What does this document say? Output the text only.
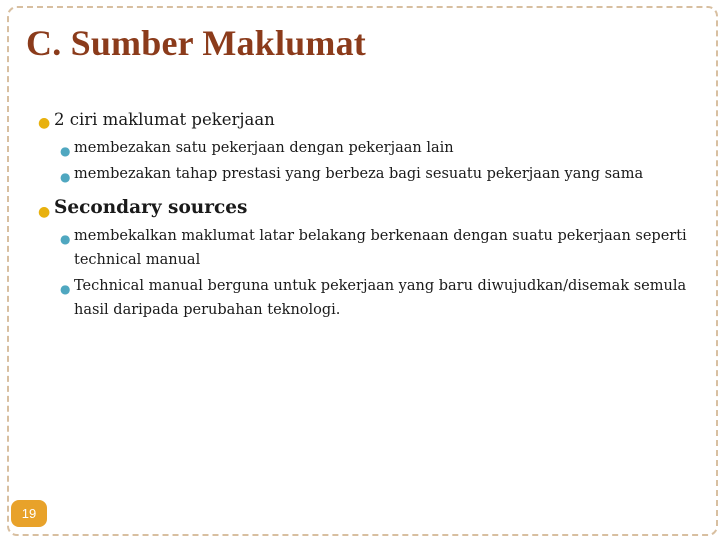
C. Sumber Maklumat
● 2 ciri maklumat pekerjaan
● membezakan satu pekerjaan dengan pekerjaan lain
● membezakan tahap prestasi yang berbeza bagi sesuatu pekerjaan yang sama
● Secondary sources
● membekalkan maklumat latar belakang berkenaan dengan suatu pekerjaan seperti technical manual
● Technical manual berguna untuk pekerjaan yang baru diwujudkan/disemak semula hasil daripada perubahan teknologi.
19
